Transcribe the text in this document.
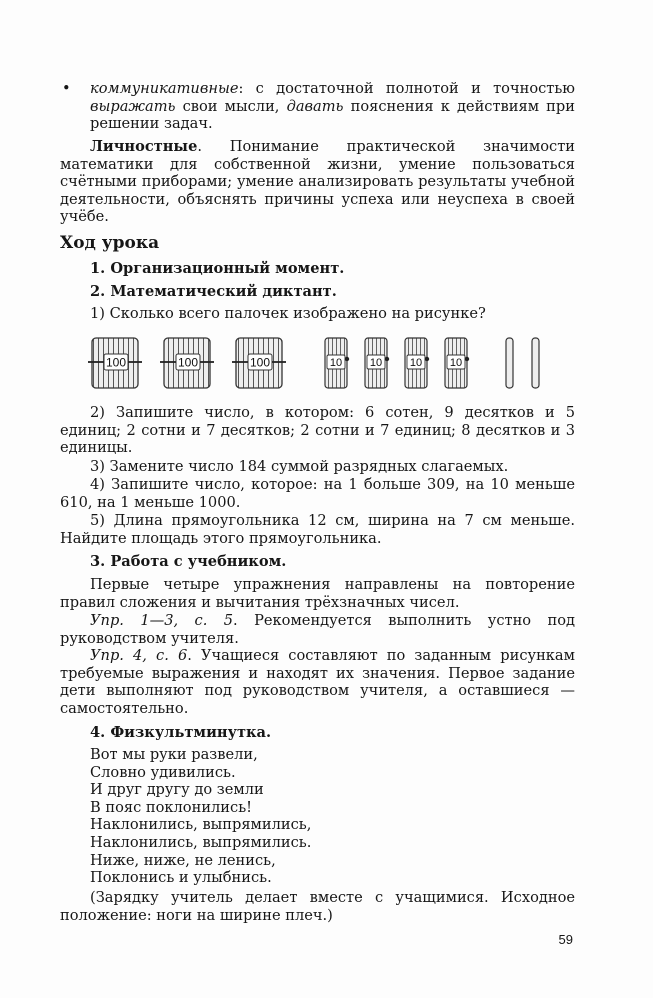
• коммуникативные: с достаточной полнотой и точностью выражать свои мысли, давать пояснения к действиям при решении задач.

Личностные. Понимание практической значимости математики для собственной жизни, умение пользоваться счётными приборами; умение анализировать результаты учебной деятельности, объяснять причины успеха или неуспеха в своей учёбе.

Ход урока
1. Организационный момент.
2. Математический диктант.

1) Сколько всего палочек изображено на рисунке?

100	100	100	10	10	10	10

2) Запишите число, в котором: 6 сотен, 9 десятков и 5 единиц; 2 сотни и 7 десятков; 2 сотни и 7 единиц; 8 десятков и 3 единицы.

3) Замените число 184 суммой разрядных слагаемых.

4) Запишите число, которое: на 1 больше 309, на 10 меньше 610, на 1 меньше 1000.

5) Длина прямоугольника 12 см, ширина на 7 см меньше. Найдите площадь этого прямоугольника.

3. Работа с учебником.

Первые четыре упражнения направлены на повторение правил сложения и вычитания трёхзначных чисел.

Упр. 1—3, с. 5. Рекомендуется выполнить устно под руководством учителя.

Упр. 4, с. 6. Учащиеся составляют по заданным рисункам требуемые выражения и находят их значения. Первое задание дети выполняют под руководством учителя, а оставшиеся — самостоятельно.

4. Физкультминутка.
Вот мы руки развели,
Словно удивились.
И друг другу до земли
В пояс поклонились!
Наклонились, выпрямились,
Наклонились, выпрямились.
Ниже, ниже, не ленись,
Поклонись и улыбнись.

(Зарядку учитель делает вместе с учащимися. Исходное положение: ноги на ширине плеч.)

59
